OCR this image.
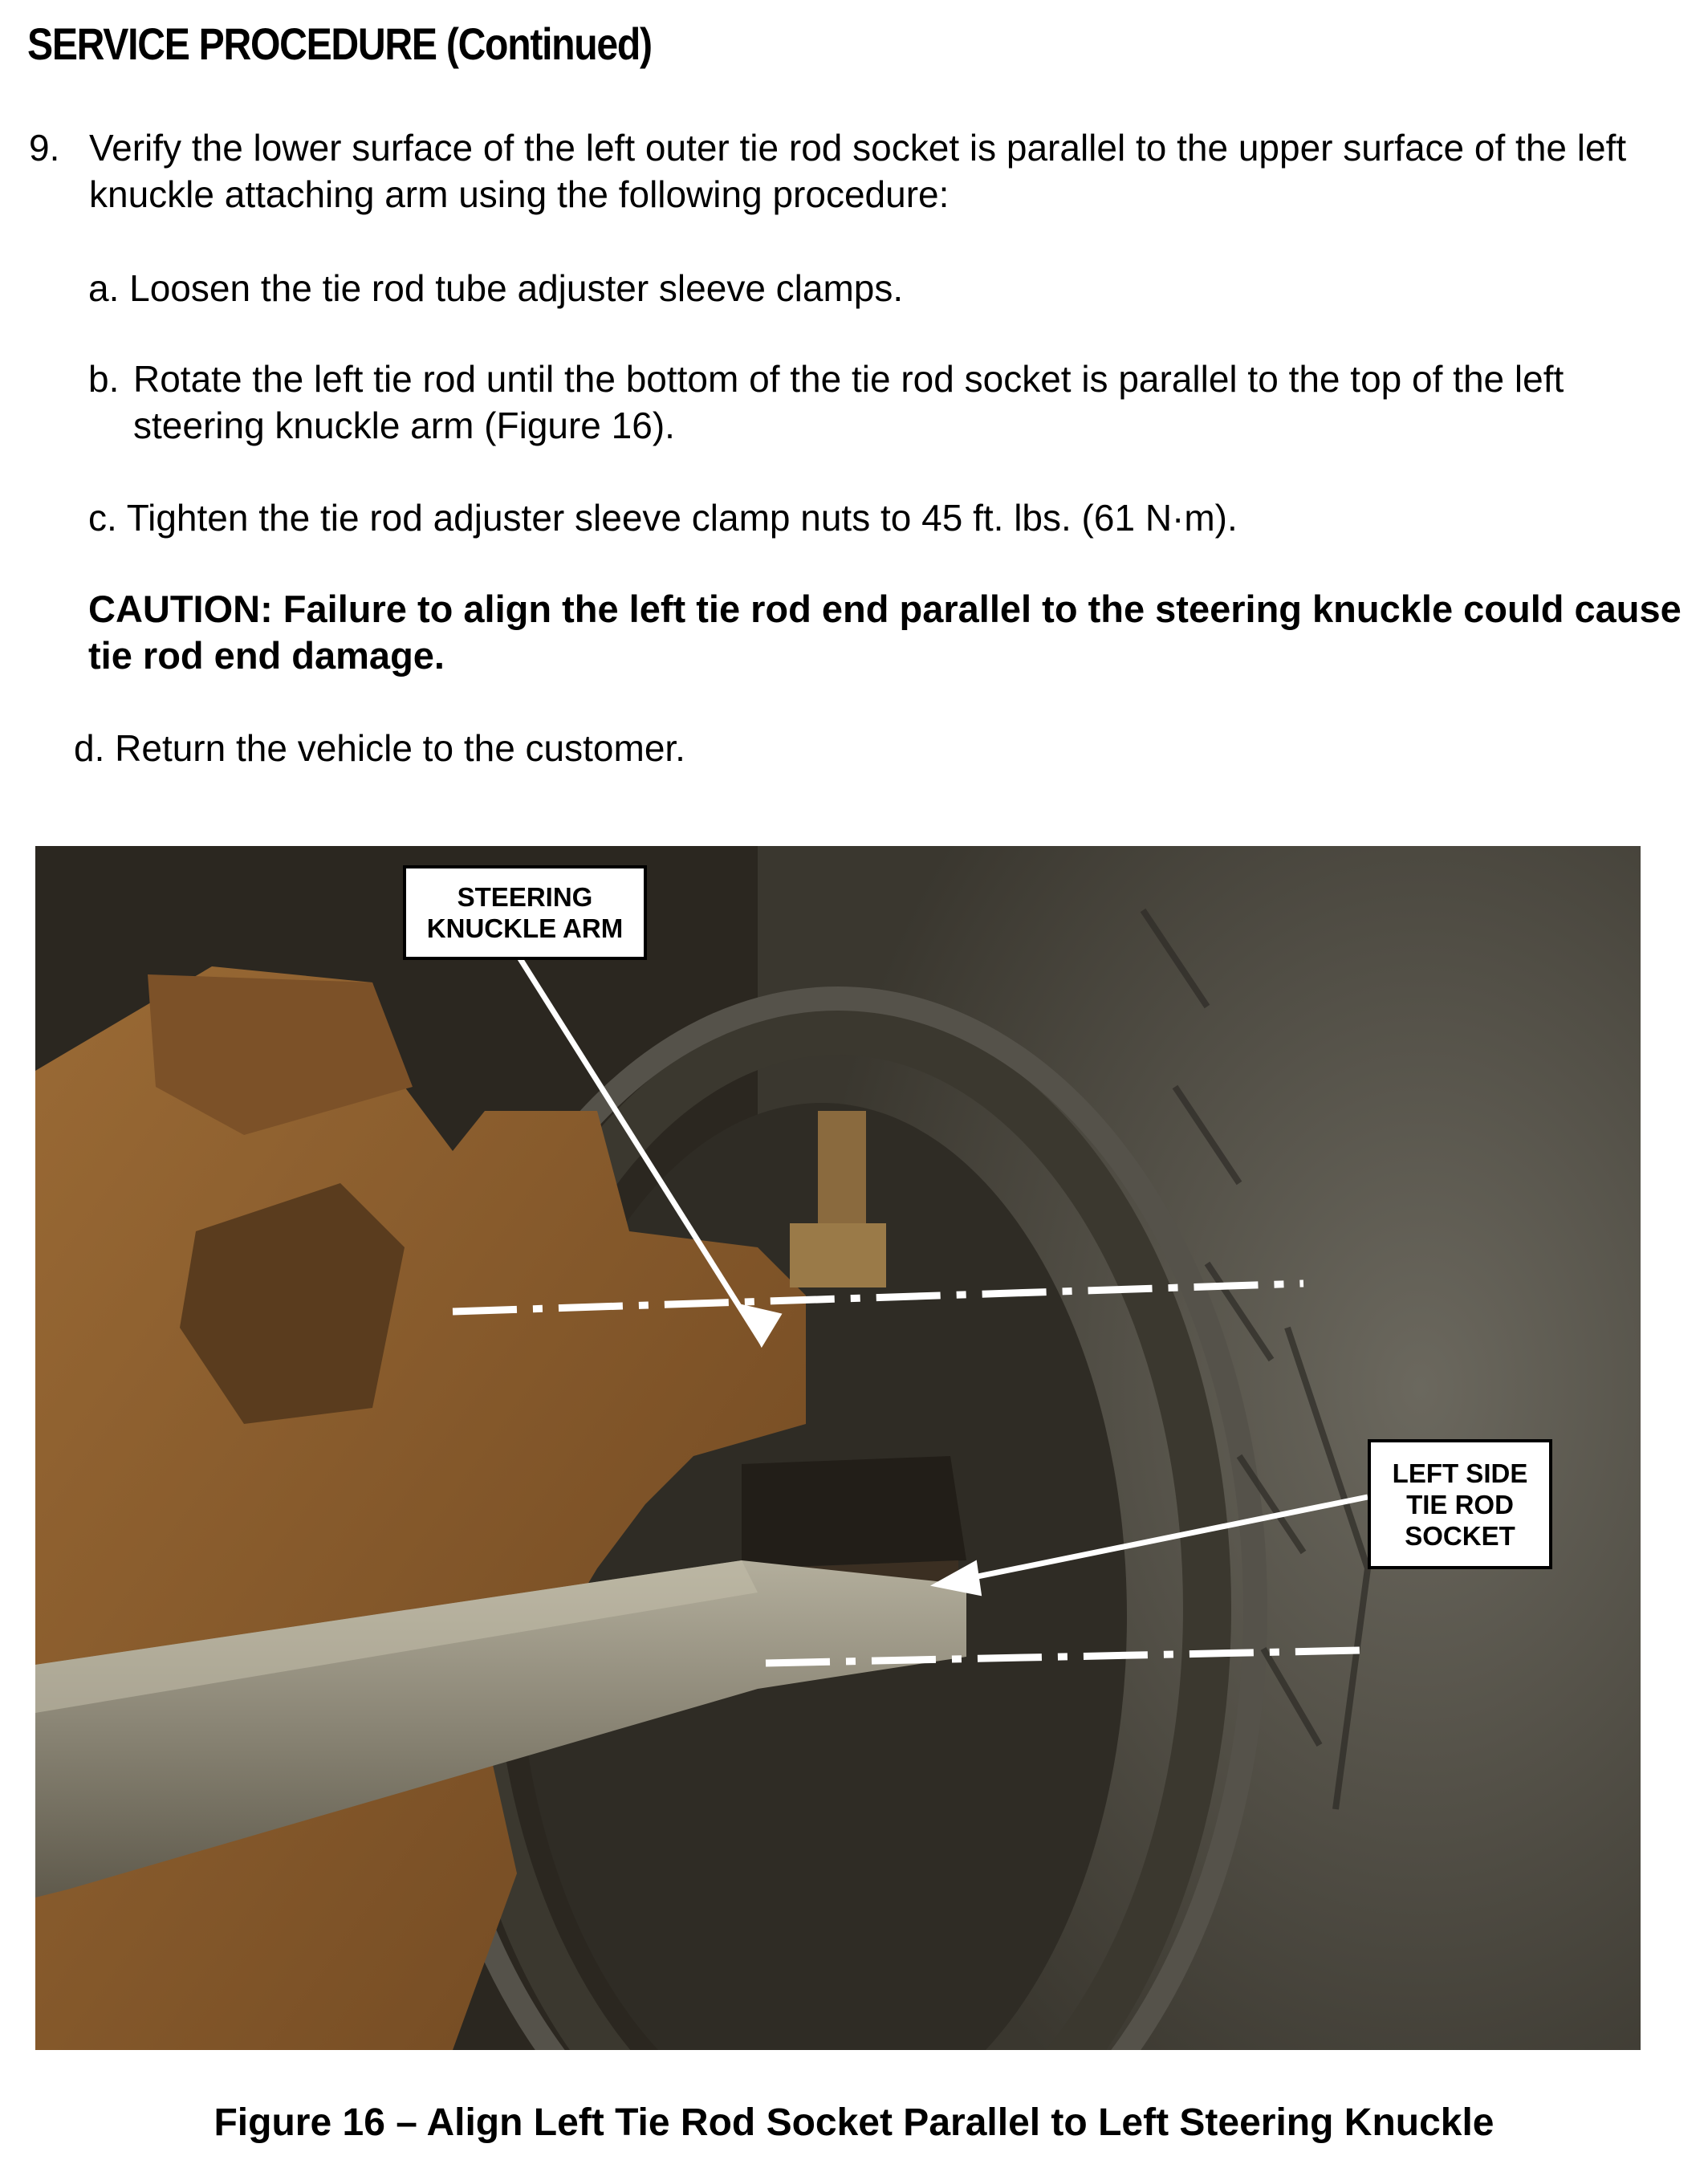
SERVICE PROCEDURE (Continued)
9. Verify the lower surface of the left outer tie rod socket is parallel to the upper surface of the left knuckle attaching arm using the following procedure:
a. Loosen the tie rod tube adjuster sleeve clamps.
b. Rotate the left tie rod until the bottom of the tie rod socket is parallel to the top of the left steering knuckle arm (Figure 16).
c. Tighten the tie rod adjuster sleeve clamp nuts to 45 ft. lbs. (61 N·m).
CAUTION: Failure to align the left tie rod end parallel to the steering knuckle could cause tie rod end damage.
d. Return the vehicle to the customer.
STEERING
KNUCKLE ARM
LEFT SIDE
TIE ROD
SOCKET
Figure 16 – Align Left Tie Rod Socket Parallel to Left Steering Knuckle
